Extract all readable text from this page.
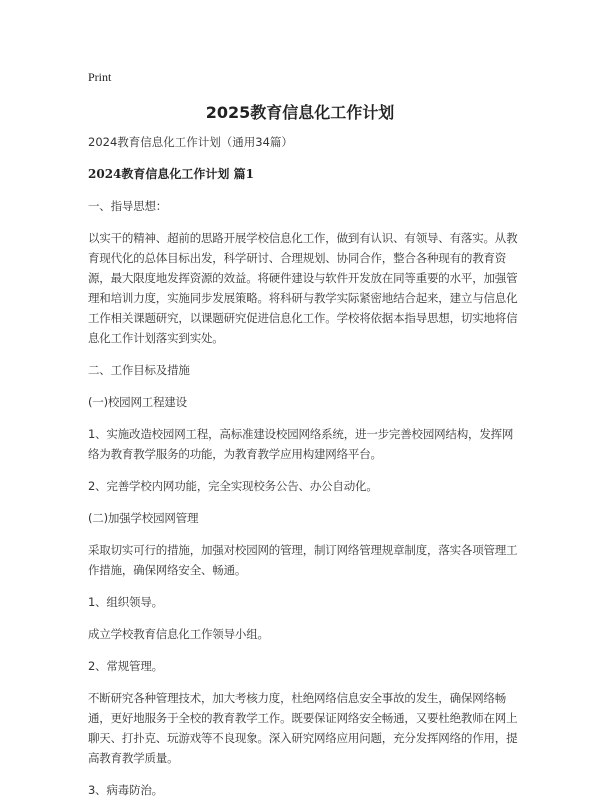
Print
2025教育信息化工作计划

2024教育信息化工作计划（通用34篇）

2024教育信息化工作计划 篇1

一、指导思想：

以实干的精神、超前的思路开展学校信息化工作，做到有认识、有领导、有落实。从教育现代化的总体目标出发，科学研讨、合理规划、协同合作，整合各种现有的教育资源，最大限度地发挥资源的效益。将硬件建设与软件开发放在同等重要的水平，加强管理和培训力度，实施同步发展策略。将科研与教学实际紧密地结合起来，建立与信息化工作相关课题研究，以课题研究促进信息化工作。学校将依据本指导思想，切实地将信息化工作计划落实到实处。

二、工作目标及措施

(一)校园网工程建设

1、实施改造校园网工程，高标准建设校园网络系统，进一步完善校园网结构，发挥网络为教育教学服务的功能，为教育教学应用构建网络平台。

2、完善学校内网功能，完全实现校务公告、办公自动化。

(二)加强学校园网管理

采取切实可行的措施，加强对校园网的管理，制订网络管理规章制度，落实各项管理工作措施，确保网络安全、畅通。

1、组织领导。

成立学校教育信息化工作领导小组。

2、常规管理。

不断研究各种管理技术，加大考核力度，杜绝网络信息安全事故的发生，确保网络畅通，更好地服务于全校的教育教学工作。既要保证网络安全畅通，又要杜绝教师在网上聊天、打扑克、玩游戏等不良现象。深入研究网络应用问题，充分发挥网络的作用，提高教育教学质量。

3、病毒防治。
